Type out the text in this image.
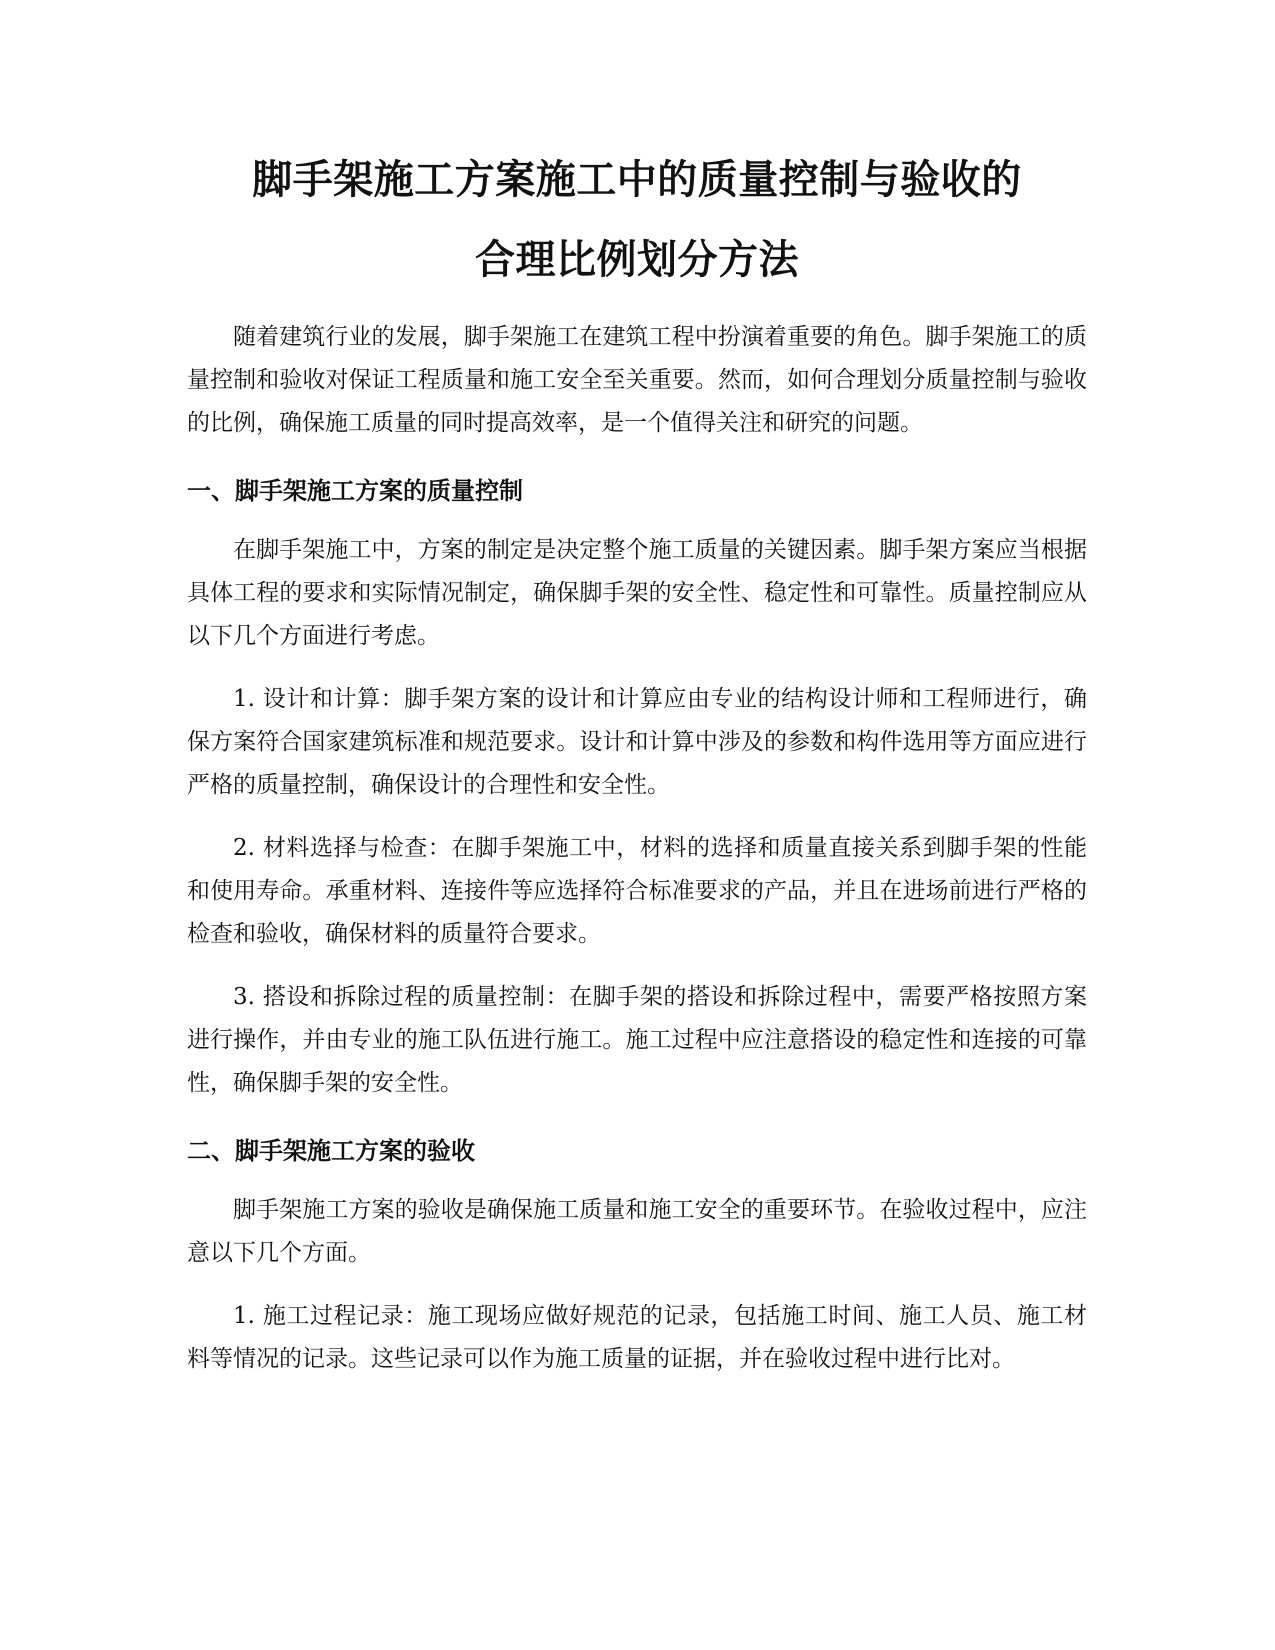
脚手架施工方案施工中的质量控制与验收的
合理比例划分方法

随着建筑行业的发展，脚手架施工在建筑工程中扮演着重要的角色。脚手架施工的质量控制和验收对保证工程质量和施工安全至关重要。然而，如何合理划分质量控制与验收的比例，确保施工质量的同时提高效率，是一个值得关注和研究的问题。

一、脚手架施工方案的质量控制

在脚手架施工中，方案的制定是决定整个施工质量的关键因素。脚手架方案应当根据具体工程的要求和实际情况制定，确保脚手架的安全性、稳定性和可靠性。质量控制应从以下几个方面进行考虑。

1. 设计和计算：脚手架方案的设计和计算应由专业的结构设计师和工程师进行，确保方案符合国家建筑标准和规范要求。设计和计算中涉及的参数和构件选用等方面应进行严格的质量控制，确保设计的合理性和安全性。

2. 材料选择与检查：在脚手架施工中，材料的选择和质量直接关系到脚手架的性能和使用寿命。承重材料、连接件等应选择符合标准要求的产品，并且在进场前进行严格的检查和验收，确保材料的质量符合要求。

3. 搭设和拆除过程的质量控制：在脚手架的搭设和拆除过程中，需要严格按照方案进行操作，并由专业的施工队伍进行施工。施工过程中应注意搭设的稳定性和连接的可靠性，确保脚手架的安全性。

二、脚手架施工方案的验收

脚手架施工方案的验收是确保施工质量和施工安全的重要环节。在验收过程中，应注意以下几个方面。

1. 施工过程记录：施工现场应做好规范的记录，包括施工时间、施工人员、施工材料等情况的记录。这些记录可以作为施工质量的证据，并在验收过程中进行比对。
